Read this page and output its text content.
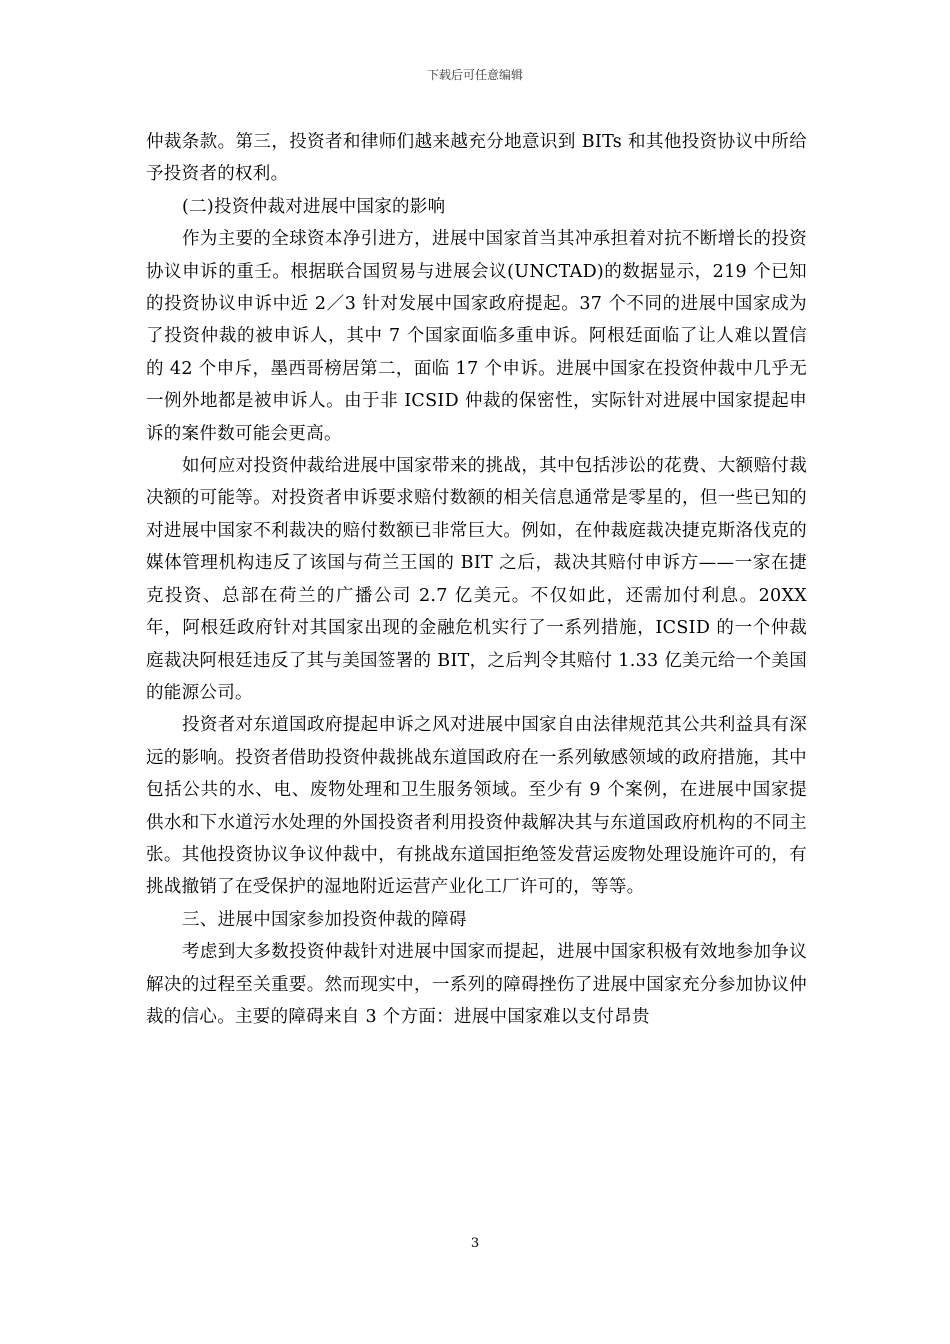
下载后可任意编辑

仲裁条款。第三，投资者和律师们越来越充分地意识到 BITs 和其他投资协议中所给予投资者的权利。

(二)投资仲裁对进展中国家的影响

作为主要的全球资本净引进方，进展中国家首当其冲承担着对抗不断增长的投资协议申诉的重壬。根据联合国贸易与进展会议(UNCTAD)的数据显示，219 个已知的投资协议申诉中近 2／3 针对发展中国家政府提起。37 个不同的进展中国家成为了投资仲裁的被申诉人，其中 7 个国家面临多重申诉。阿根廷面临了让人难以置信的 42 个申斥，墨西哥榜居第二，面临 17 个申诉。进展中国家在投资仲裁中几乎无一例外地都是被申诉人。由于非 ICSID 仲裁的保密性，实际针对进展中国家提起申诉的案件数可能会更高。

如何应对投资仲裁给进展中国家带来的挑战，其中包括涉讼的花费、大额赔付裁决额的可能等。对投资者申诉要求赔付数额的相关信息通常是零星的，但一些已知的对进展中国家不利裁决的赔付数额已非常巨大。例如，在仲裁庭裁决捷克斯洛伐克的媒体管理机构违反了该国与荷兰王国的 BIT 之后，裁决其赔付申诉方——一家在捷克投资、总部在荷兰的广播公司 2.7 亿美元。不仅如此，还需加付利息。20XX 年，阿根廷政府针对其国家出现的金融危机实行了一系列措施，ICSID 的一个仲裁庭裁决阿根廷违反了其与美国签署的 BIT，之后判令其赔付 1.33 亿美元给一个美国的能源公司。

投资者对东道国政府提起申诉之风对进展中国家自由法律规范其公共利益具有深远的影响。投资者借助投资仲裁挑战东道国政府在一系列敏感领域的政府措施，其中包括公共的水、电、废物处理和卫生服务领域。至少有 9 个案例，在进展中国家提供水和下水道污水处理的外国投资者利用投资仲裁解决其与东道国政府机构的不同主张。其他投资协议争议仲裁中，有挑战东道国拒绝签发营运废物处理设施许可的，有挑战撤销了在受保护的湿地附近运营产业化工厂许可的，等等。

三、进展中国家参加投资仲裁的障碍

考虑到大多数投资仲裁针对进展中国家而提起，进展中国家积极有效地参加争议解决的过程至关重要。然而现实中，一系列的障碍挫伤了进展中国家充分参加协议仲裁的信心。主要的障碍来自 3 个方面：进展中国家难以支付昂贵

3
